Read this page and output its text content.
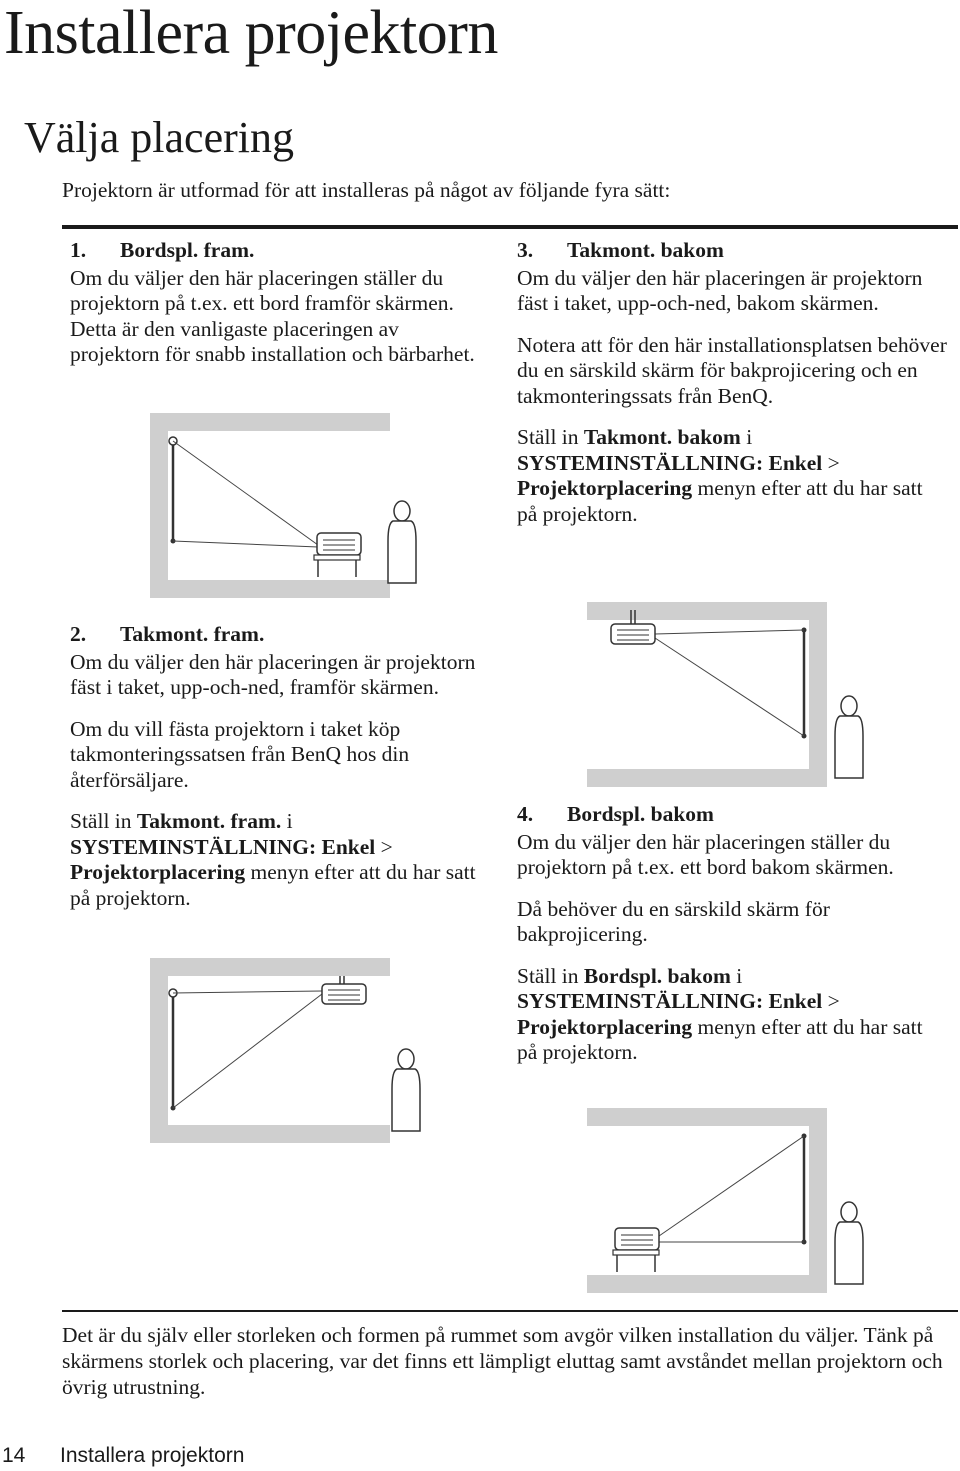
Installera projektorn
Välja placering
Projektorn är utformad för att installeras på något av följande fyra sätt:
1. Bordspl. fram.

Om du väljer den här placeringen ställer du projektorn på t.ex. ett bord framför skärmen. Detta är den vanligaste placeringen av projektorn för snabb installation och bärbarhet.

2. Takmont. fram.

Om du väljer den här placeringen är projektorn fäst i taket, upp-och-ned, framför skärmen.

Om du vill fästa projektorn i taket köp takmonteringssatsen från BenQ hos din återförsäljare.

Ställ in Takmont. fram. i SYSTEMINSTÄLLNING: Enkel > Projektorplacering menyn efter att du har satt på projektorn.

3. Takmont. bakom

Om du väljer den här placeringen är projektorn fäst i taket, upp-och-ned, bakom skärmen.

Notera att för den här installationsplatsen behöver du en särskild skärm för bakprojicering och en takmonteringssats från BenQ.

Ställ in Takmont. bakom i SYSTEMINSTÄLLNING: Enkel > Projektorplacering menyn efter att du har satt på projektorn.

4. Bordspl. bakom

Om du väljer den här placeringen ställer du projektorn på t.ex. ett bord bakom skärmen.

Då behöver du en särskild skärm för bakprojicering.

Ställ in Bordspl. bakom i SYSTEMINSTÄLLNING: Enkel > Projektorplacering menyn efter att du har satt på projektorn.

Det är du själv eller storleken och formen på rummet som avgör vilken installation du väljer. Tänk på skärmens storlek och placering, var det finns ett lämpligt eluttag samt avståndet mellan projektorn och övrig utrustning.
14 Installera projektorn
